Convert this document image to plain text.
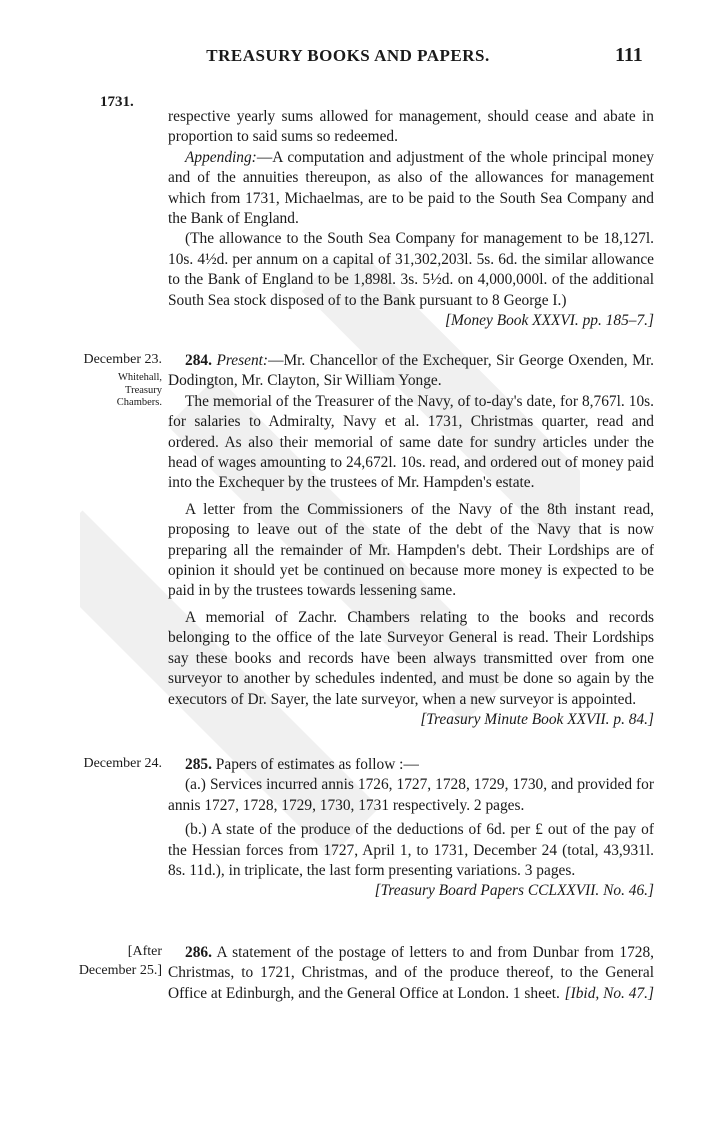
TREASURY BOOKS AND PAPERS.	111
1731.

respective yearly sums allowed for management, should cease and abate in proportion to said sums so redeemed.

Appending:—A computation and adjustment of the whole principal money and of the annuities thereupon, as also of the allowances for management which from 1731, Michaelmas, are to be paid to the South Sea Company and the Bank of England.

(The allowance to the South Sea Company for management to be 18,127l. 10s. 4½d. per annum on a capital of 31,302,203l. 5s. 6d. the similar allowance to the Bank of England to be 1,898l. 3s. 5½d. on 4,000,000l. of the additional South Sea stock disposed of to the Bank pursuant to 8 George I.)

[Money Book XXXVI. pp. 185–7.]

December 23.
Whitehall,
Treasury
Chambers.

284. Present:—Mr. Chancellor of the Exchequer, Sir George Oxenden, Mr. Dodington, Mr. Clayton, Sir William Yonge.

The memorial of the Treasurer of the Navy, of to-day's date, for 8,767l. 10s. for salaries to Admiralty, Navy et al. 1731, Christmas quarter, read and ordered. As also their memorial of same date for sundry articles under the head of wages amounting to 24,672l. 10s. read, and ordered out of money paid into the Exchequer by the trustees of Mr. Hampden's estate.

A letter from the Commissioners of the Navy of the 8th instant read, proposing to leave out of the state of the debt of the Navy that is now preparing all the remainder of Mr. Hampden's debt. Their Lordships are of opinion it should yet be continued on because more money is expected to be paid in by the trustees towards lessening same.

A memorial of Zachr. Chambers relating to the books and records belonging to the office of the late Surveyor General is read. Their Lordships say these books and records have been always transmitted over from one surveyor to another by schedules indented, and must be done so again by the executors of Dr. Sayer, the late surveyor, when a new surveyor is appointed.

[Treasury Minute Book XXVII. p. 84.]

December 24.	285. Papers of estimates as follow :—

(a.) Services incurred annis 1726, 1727, 1728, 1729, 1730, and provided for annis 1727, 1728, 1729, 1730, 1731 respectively. 2 pages.

(b.) A state of the produce of the deductions of 6d. per £ out of the pay of the Hessian forces from 1727, April 1, to 1731, December 24 (total, 43,931l. 8s. 11d.), in triplicate, the last form presenting variations. 3 pages.

[Treasury Board Papers CCLXXVII. No. 46.]

[After
December 25.]

286. A statement of the postage of letters to and from Dunbar from 1728, Christmas, to 1721, Christmas, and of the produce thereof, to the General Office at Edinburgh, and the General Office at London. 1 sheet. [Ibid, No. 47.]
